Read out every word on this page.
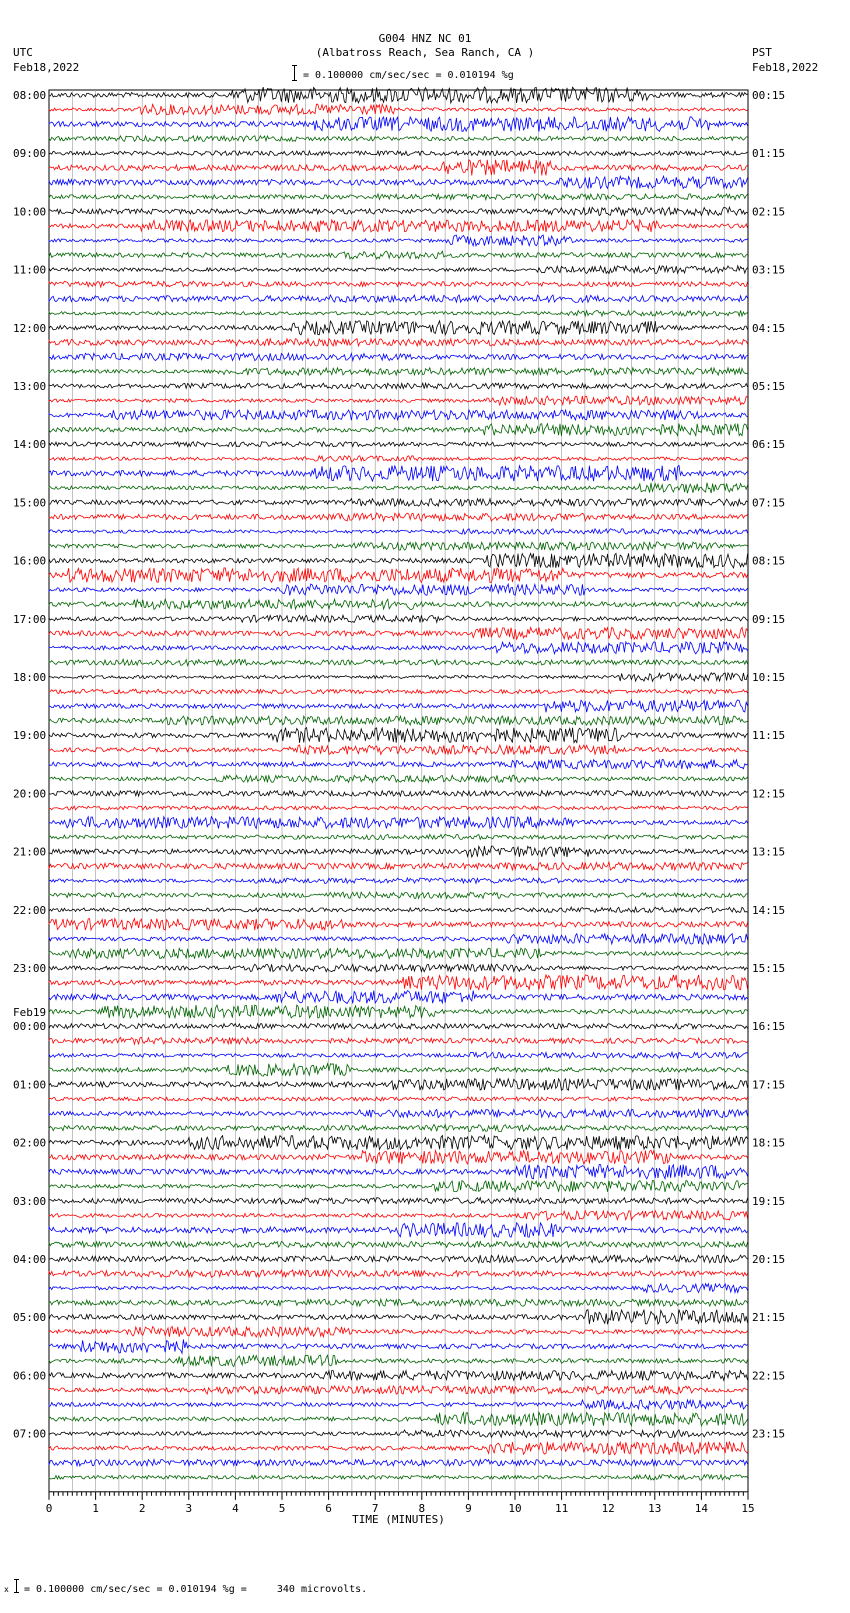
G004 HNZ NC 01
(Albatross Reach, Sea Ranch, CA )
= 0.100000 cm/sec/sec = 0.010194 %g
UTC
Feb18,2022
PST
Feb18,2022
0	1	2	3	4	5	6	7	8	9	10	11	12	13	14	15
TIME (MINUTES)
08:00
09:00
10:00
11:00
12:00
13:00
14:00
15:00
16:00
17:00
18:00
19:00
20:00
21:00
22:00
23:00
00:00
Feb19
01:00
02:00
03:00
04:00
05:00
06:00
07:00
00:15
01:15
02:15
03:15
04:15
05:15
06:15
07:15
08:15
09:15
10:15
11:15
12:15
13:15
14:15
15:15
16:15
17:15
18:15
19:15
20:15
21:15
22:15
23:15
x = 0.100000 cm/sec/sec = 0.010194 %g =     340 microvolts.
